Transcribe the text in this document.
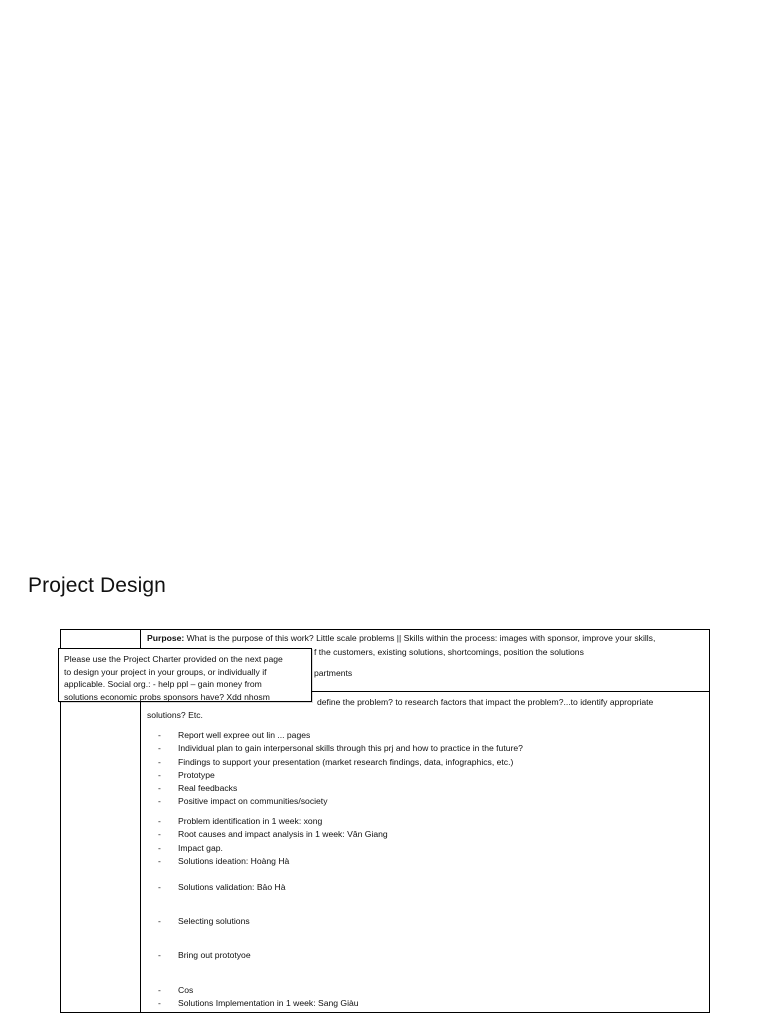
Project Design
Purpose: What is the purpose of this work? Little scale problems || Skills within the process: images with sponsor, improve your skills,
f the customers, existing solutions, shortcomings, position the solutions
partments
define the problem? to research factors that impact the problem?...to identify appropriate
solutions? Etc.
- Report well expree out lin ... pages
- Individual plan to gain interpersonal skills through this prj and how to practice in the future?
- Findings to support your presentation (market research findings, data, infographics, etc.)
- Prototype
- Real feedbacks
- Positive impact on communities/society
- Problem identification in 1 week: xong
- Root causes and impact analysis in 1 week: Vân Giang
- Impact gap.
- Solutions ideation: Hoàng Hà
- Solutions validation: Bảo Hà
- Selecting solutions
- Bring out prototyoe
- Cos
- Solutions Implementation in 1 week: Sang Giàu
Please use the Project Charter provided on the next page
to design your project in your groups, or individually if
applicable. Social org.: - help ppl – gain money from
solutions economic probs sponsors have? Xdd nhosm
